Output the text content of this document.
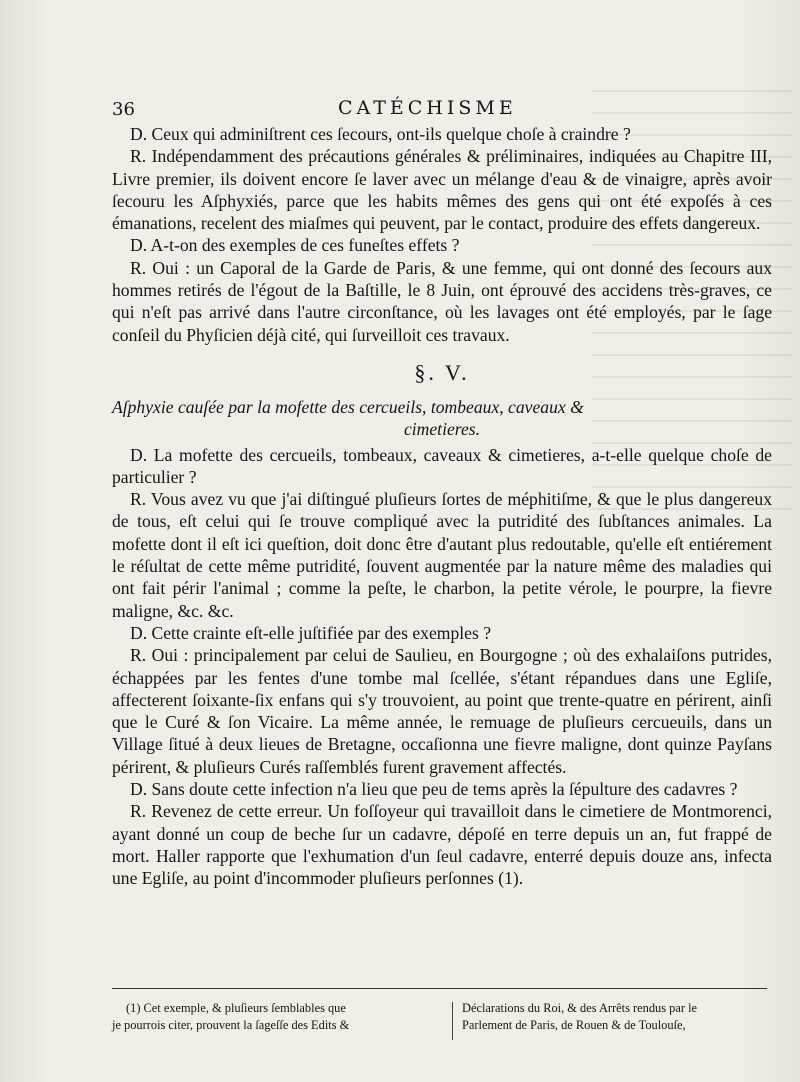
36	CATÉCHISME

D. Ceux qui adminiſtrent ces ſecours, ont-ils quelque choſe à craindre ?

R. Indépendamment des précautions générales & préliminaires, indiquées au Chapitre III, Livre premier, ils doivent encore ſe laver avec un mélange d'eau & de vinaigre, après avoir ſecouru les Aſphyxiés, parce que les habits mêmes des gens qui ont été expoſés à ces émanations, recelent des miaſmes qui peuvent, par le contact, produire des effets dangereux.

D. A-t-on des exemples de ces funeſtes effets ?

R. Oui : un Caporal de la Garde de Paris, & une femme, qui ont donné des ſecours aux hommes retirés de l'égout de la Baſtille, le 8 Juin, ont éprouvé des accidens très-graves, ce qui n'eſt pas arrivé dans l'autre circonſtance, où les lavages ont été employés, par le ſage conſeil du Phyſicien déjà cité, qui ſurveilloit ces travaux.

§. V.

Aſphyxie cauſée par la mofette des cercueils, tombeaux, caveaux &

cimetieres.

D. La mofette des cercueils, tombeaux, caveaux & cimetieres, a-t-elle quelque choſe de particulier ?

R. Vous avez vu que j'ai diſtingué pluſieurs ſortes de méphitiſme, & que le plus dangereux de tous, eſt celui qui ſe trouve compliqué avec la putridité des ſubſtances animales. La mofette dont il eſt ici queſtion, doit donc être d'autant plus redoutable, qu'elle eſt entiérement le réſultat de cette même putridité, ſouvent augmentée par la nature même des maladies qui ont fait périr l'animal ; comme la peſte, le charbon, la petite vérole, le pourpre, la fievre maligne, &c. &c.

D. Cette crainte eſt-elle juſtifiée par des exemples ?

R. Oui : principalement par celui de Saulieu, en Bourgogne ; où des exhalaiſons putrides, échappées par les fentes d'une tombe mal ſcellée, s'étant répandues dans une Egliſe, affecterent ſoixante-ſix enfans qui s'y trouvoient, au point que trente-quatre en périrent, ainſi que le Curé & ſon Vicaire. La même année, le remuage de pluſieurs cercueuils, dans un Village ſitué à deux lieues de Bretagne, occaſionna une fievre maligne, dont quinze Payſans périrent, & pluſieurs Curés raſſemblés furent gravement affectés.

D. Sans doute cette infection n'a lieu que peu de tems après la ſépulture des cadavres ?

R. Revenez de cette erreur. Un foſſoyeur qui travailloit dans le cimetiere de Montmorenci, ayant donné un coup de beche ſur un cadavre, dépoſé en terre depuis un an, fut frappé de mort. Haller rapporte que l'exhumation d'un ſeul cadavre, enterré depuis douze ans, infecta une Egliſe, au point d'incommoder pluſieurs perſonnes (1).

(1) Cet exemple, & pluſieurs ſemblables que
je pourrois citer, prouvent la ſageſſe des Edits &
Déclarations du Roi, & des Arrêts rendus par le
Parlement de Paris, de Rouen & de Toulouſe,
